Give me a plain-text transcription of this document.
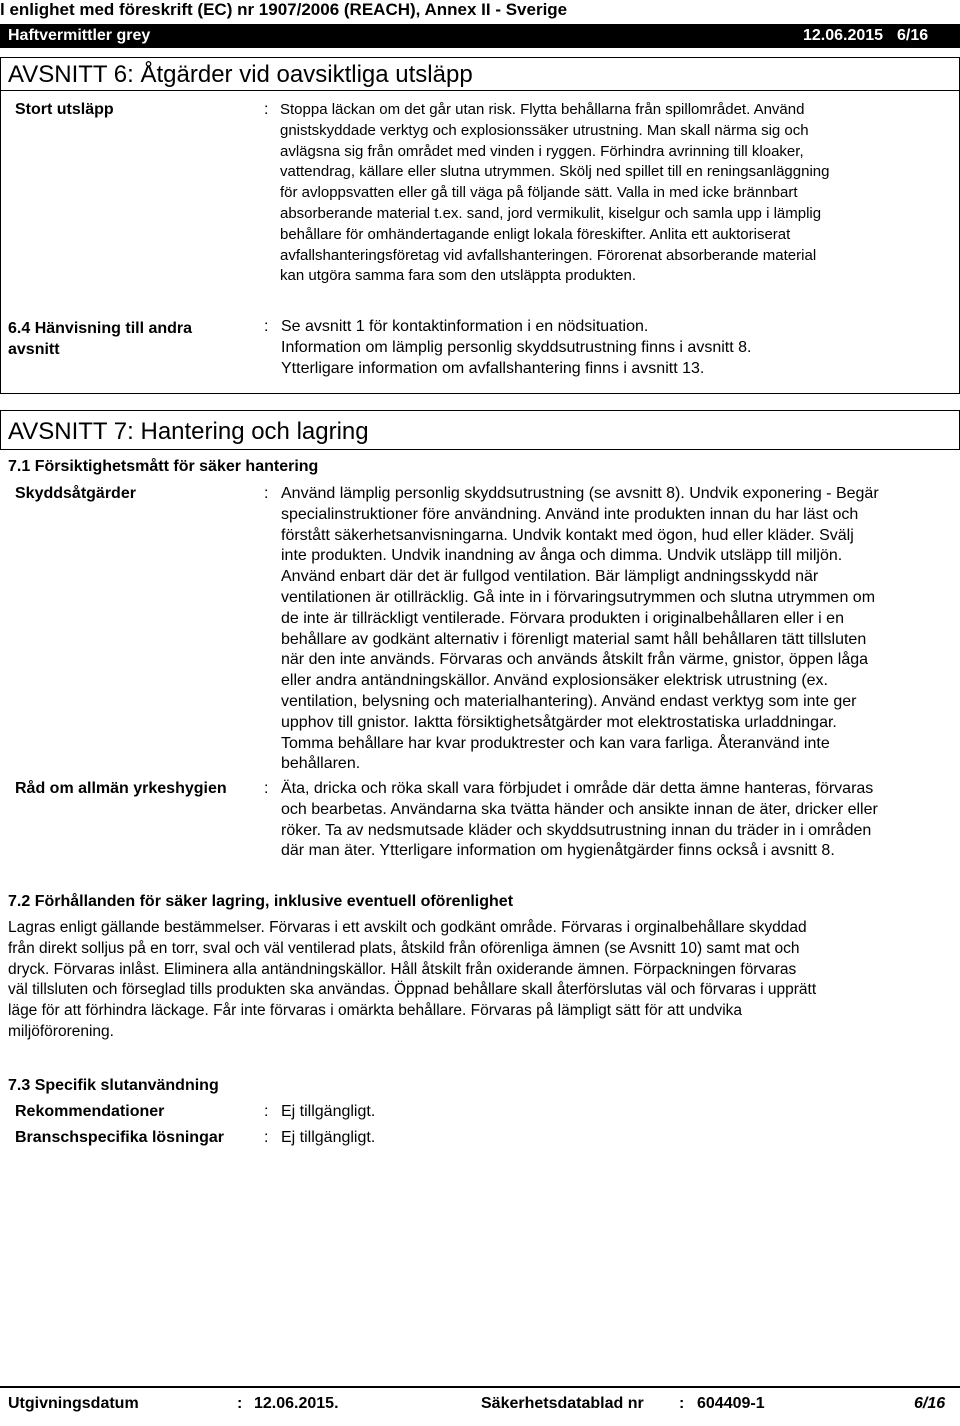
l enlighet med föreskrift (EC) nr 1907/2006 (REACH), Annex II - Sverige
Haftvermittler grey	12.06.2015 6/16
AVSNITT 6: Åtgärder vid oavsiktliga utsläpp
Stort utsläpp	: Stoppa läckan om det går utan risk. Flytta behållarna från spillområdet. Använd
gnistskyddade verktyg och explosionssäker utrustning. Man skall närma sig och
avlägsna sig från området med vinden i ryggen. Förhindra avrinning till kloaker,
vattendrag, källare eller slutna utrymmen. Skölj ned spillet till en reningsanläggning
för avloppsvatten eller gå till väga på följande sätt. Valla in med icke brännbart
absorberande material t.ex. sand, jord vermikulit, kiselgur och samla upp i lämplig
behållare för omhändertagande enligt lokala föreskifter. Anlita ett auktoriserat
avfallshanteringsföretag vid avfallshanteringen. Förorenat absorberande material
kan utgöra samma fara som den utsläppta produkten.
6.4 Hänvisning till andra
avsnitt
: Se avsnitt 1 för kontaktinformation i en nödsituation.
Information om lämplig personlig skyddsutrustning finns i avsnitt 8.
Ytterligare information om avfallshantering finns i avsnitt 13.
AVSNITT 7: Hantering och lagring
7.1 Försiktighetsmått för säker hantering
Skyddsåtgärder	: Använd lämplig personlig skyddsutrustning (se avsnitt 8). Undvik exponering - Begär
specialinstruktioner före användning. Använd inte produkten innan du har läst och
förstått säkerhetsanvisningarna. Undvik kontakt med ögon, hud eller kläder. Svälj
inte produkten. Undvik inandning av ånga och dimma. Undvik utsläpp till miljön.
Använd enbart där det är fullgod ventilation. Bär lämpligt andningsskydd när
ventilationen är otillräcklig. Gå inte in i förvaringsutrymmen och slutna utrymmen om
de inte är tillräckligt ventilerade. Förvara produkten i originalbehållaren eller i en
behållare av godkänt alternativ i förenligt material samt håll behållaren tätt tillsluten
när den inte används. Förvaras och används åtskilt från värme, gnistor, öppen låga
eller andra antändningskällor. Använd explosionsäker elektrisk utrustning (ex.
ventilation, belysning och materialhantering). Använd endast verktyg som inte ger
upphov till gnistor. Iaktta försiktighetsåtgärder mot elektrostatiska urladdningar.
Tomma behållare har kvar produktrester och kan vara farliga. Återanvänd inte
behållaren.
Råd om allmän yrkeshygien : Äta, dricka och röka skall vara förbjudet i område där detta ämne hanteras, förvaras
och bearbetas. Användarna ska tvätta händer och ansikte innan de äter, dricker eller
röker. Ta av nedsmutsade kläder och skyddsutrustning innan du träder in i områden
där man äter. Ytterligare information om hygienåtgärder finns också i avsnitt 8.
7.2 Förhållanden för säker lagring, inklusive eventuell oförenlighet
Lagras enligt gällande bestämmelser. Förvaras i ett avskilt och godkänt område. Förvaras i orginalbehållare skyddad
från direkt solljus på en torr, sval och väl ventilerad plats, åtskild från oförenliga ämnen (se Avsnitt 10) samt mat och
dryck. Förvaras inlåst. Eliminera alla antändningskällor. Håll åtskilt från oxiderande ämnen. Förpackningen förvaras
väl tillsluten och förseglad tills produkten ska användas. Öppnad behållare skall återförslutas väl och förvaras i upprätt
läge för att förhindra läckage. Får inte förvaras i omärkta behållare. Förvaras på lämpligt sätt för att undvika
miljöförorening.
7.3 Specifik slutanvändning
Rekommendationer	: Ej tillgängligt.
Branschspecifika lösningar	: Ej tillgängligt.
Utgivningsdatum	: 12.06.2015.	Säkerhetsdatablad nr : 604409-1	6/16
